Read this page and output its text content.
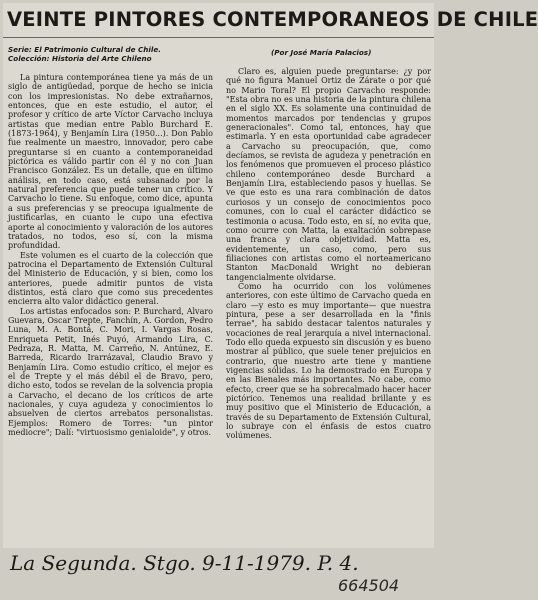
VEINTE PINTORES CONTEMPORANEOS DE CHILE
Serie: El Patrimonio Cultural de Chile.
Colección: Historia del Arte Chileno
(Por José María Palacios)

La pintura contemporánea tiene ya más de un siglo de antigüedad, porque de hecho se inicia con los impresionistas. No debe extrañarnos, entonces, que en este estudio, el autor, el profesor y crítico de arte Víctor Carvacho incluya artistas que median entre Pablo Burchard E. (1873-1964), y Benjamín Lira (1950...). Don Pablo fue realmente un maestro, innovador, pero cabe preguntarse si en cuanto a contemporaneidad pictórica es válido partir con él y no con Juan Francisco González. Es un detalle, que en último análisis, en todo caso, está subsanado por la natural preferencia que puede tener un crítico. Y Carvacho lo tiene. Su enfoque, como dice, apunta a sus preferencias y se preocupa igualmente de justificarlas, en cuanto le cupo una efectiva aporte al conocimiento y valoración de los autores tratados, no todos, eso sí, con la misma profundidad.

Este volumen es el cuarto de la colección que patrocina el Departamento de Extensión Cultural del Ministerio de Educación, y si bien, como los anteriores, puede admitir puntos de vista distintos, está claro que como sus precedentes encierra alto valor didáctico general.

Los artistas enfocados son: P. Burchard, Alvaro Guevara, Oscar Trepte, Fanchín, A. Gordon, Pedro Luna, M. A. Bontá, C. Mori, I. Vargas Rosas, Enriqueta Petit, Inés Puyó, Armando Lira, C. Pedraza, R. Matta, M. Carreño, N. Antúnez, E. Barreda, Ricardo Irarrázaval, Claudio Bravo y Benjamín Lira. Como estudio crítico, el mejor es el de Trepte y el más débil el de Bravo, pero, dicho esto, todos se revelan de la solvencia propia a Carvacho, el decano de los críticos de arte nacionales, y cuya agudeza y conocimientos lo absuelven de ciertos arrebatos personalistas. Ejemplos: Romero de Torres: "un pintor mediocre"; Dalí: "virtuosismo genialoide", y otros.

Claro es, alguien puede preguntarse: ¿y por qué no figura Manuel Ortiz de Zárate o por qué no Mario Toral? El propio Carvacho responde: "Esta obra no es una historia de la pintura chilena en el siglo XX. Es solamente una continuidad de momentos marcados por tendencias y grupos generacionales". Como tal, entonces, hay que estimarla. Y en esta oportunidad cabe agradecer a Carvacho su preocupación, que, como decíamos, se revista de agudeza y penetración en los fenómenos que promueven el proceso plástico chileno contemporáneo desde Burchard a Benjamín Lira, estableciendo pasos y huellas. Se ve que esto es una rara combinación de datos curiosos y un consejo de conocimientos poco comunes, con lo cual el carácter didáctico se testimonia o acusa. Todo esto, en sí, no evita que, como ocurre con Matta, la exaltación sobrepase una franca y clara objetividad. Matta es, evidentemente, un caso, como, pero sus filiaciones con artistas como el norteamericano Stanton MacDonald Wright no debieran tangencialmente olvidarse.

Como ha ocurrido con los volúmenes anteriores, con este último de Carvacho queda en claro —y esto es muy importante— que nuestra pintura, pese a ser desarrollada en la "finis terrae", ha sabido destacar talentos naturales y vocaciones de real jerarquía a nivel internacional. Todo ello queda expuesto sin discusión y es bueno mostrar al público, que suele tener prejuicios en contrario, que nuestro arte tiene y mantiene vigencias sólidas. Lo ha demostrado en Europa y en las Bienales más importantes. No cabe, como efecto, creer que se ha sobrecalmado hacer hacer pictórico. Tenemos una realidad brillante y es muy positivo que el Ministerio de Educación, a través de su Departamento de Extensión Cultural, lo subraye con el énfasis de estos cuatro volúmenes.

La Segunda. Stgo. 9-11-1979. P. 4.
664504
